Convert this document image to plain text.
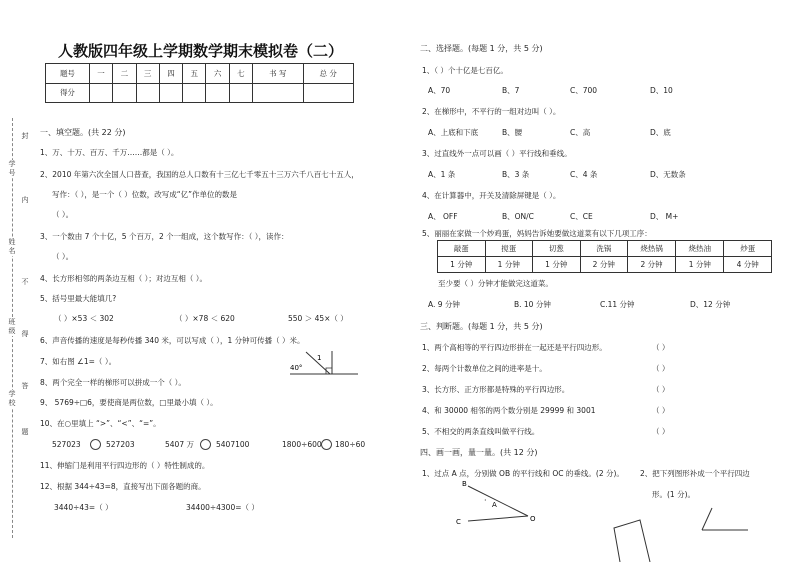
学号
姓名
班级
学校
封
内
不
得
答
题
人教版四年级上学期数学期末模拟卷（二）
题号	一	二	三	四	五	六	七	书 写	总 分
得分									
一、填空题。(共 22 分)
1、万、十万、百万、千万……都是（ ）。
2、2010 年第六次全国人口普查，我国的总人口数有十三亿七千零五十三万六千八百七十五人，
写作：（ ），是一个（ ）位数，改写成“亿”作单位的数是
（ ）。
3、一个数由 7 个十亿，5 个百万，2 个一组成，这个数写作：（ ），读作：
（ ）。
4、长方形相邻的两条边互相（ ）；对边互相（ ）。
5、括号里最大能填几?
（ ）×53 ＜ 302	（ ）×78 ＜ 620	550 ＞ 45×（ ）
6、声音传播的速度是每秒传播 340 米，可以写成（ ），1 分钟可传播（ ）米。
7、如右图 ∠1=（ ）。
40°
1
8、两个完全一样的梯形可以拼成一个（ ）。
9、 5769÷□6，要使商是两位数，□里最小填（ ）。
10、在○里填上 “>”、“<”、“=”。
527023	527203	5407 万	5407100	1800÷600 180÷60
11、伸缩门是利用平行四边形的（ ）特性制成的。
12、根据 344÷43=8，直接写出下面各题的商。
3440÷43=（ ）	34400÷4300=（ ）
二、选择题。(每题 1 分，共 5 分)
1、（ ）个十亿是七百亿。
A、70	B、7	C、700	D、10
2、在梯形中，不平行的一组对边叫（ ）。
A、上底和下底	B、腰	C、高	D、底
3、过直线外一点可以画（ ）平行线和垂线。
A、1 条	B、3 条	C、4 条	D、无数条
4、在计算器中，开关及清除屏键是（ ）。
A、 OFF	B、ON/C	C、CE	D、 M+
5、丽丽在家做一个炒鸡蛋，妈妈告诉她要做这道菜有以下几项工序：
敲蛋	搅蛋	切葱	洗锅	烧热锅	烧热油	炒蛋
1 分钟	1 分钟	1 分钟	2 分钟	2 分钟	1 分钟	4 分钟
至少要（ ）分钟才能做完这道菜。
A. 9 分钟	B. 10 分钟	C.11 分钟	D、12 分钟
三、判断题。(每题 1 分，共 5 分)
1、两个高相等的平行四边形拼在一起还是平行四边形。	（ ）
2、每两个计数单位之间的进率是十。	（ ）
3、长方形、正方形都是特殊的平行四边形。	（ ）
4、和 30000 相邻的两个数分别是 29999 和 3001	（ ）
5、不相交的两条直线叫做平行线。	（ ）
四、画一画，量一量。(共 12 分)
1、过点 A 点，分别做 OB 的平行线和 OC 的垂线。(2 分)。 2、把下列图形补成一个平行四边
形。(1 分)。
B
· A
C	O
